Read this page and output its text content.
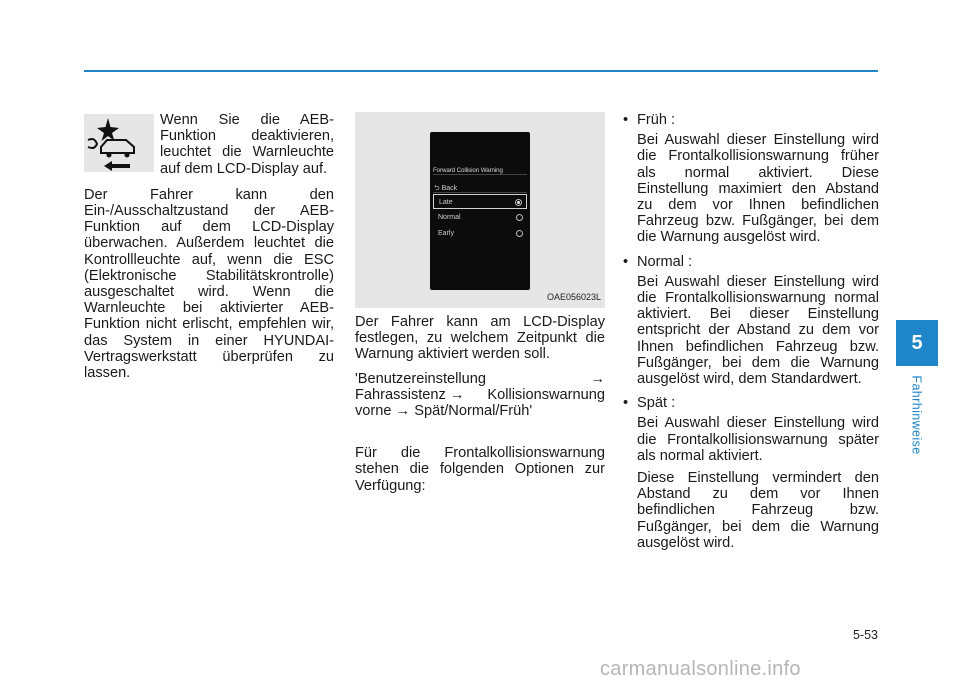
Wenn Sie die AEB-Funktion deaktivieren, leuchtet die Warnleuchte auf dem LCD-Display auf.

Der Fahrer kann den Ein-/Ausschaltzustand der AEB-Funktion auf dem LCD-Display überwachen. Außerdem leuchtet die Kontrollleuchte auf, wenn die ESC (Elektronische Stabilitätskrontrolle) ausgeschaltet wird. Wenn die Warnleuchte bei aktivierter AEB-Funktion nicht erlischt, empfehlen wir, das System in einer HYUNDAI-Vertragswerkstatt überprüfen zu lassen.

Forward Collision Warning
⮌ Back
Late
Normal
Early
OAE056023L

Der Fahrer kann am LCD-Display festlegen, zu welchem Zeitpunkt die Warnung aktiviert werden soll.

'Benutzereinstellung	→
Fahrassistenz → Kollisionswarnung
vorne → Spät/Normal/Früh'

Für die Frontalkollisionswarnung stehen die folgenden Optionen zur Verfügung:

• Früh :

Bei Auswahl dieser Einstellung wird die Frontalkollisionswarnung früher als normal aktiviert. Diese Einstellung maximiert den Abstand zu dem vor Ihnen befindlichen Fahrzeug bzw. Fußgänger, bei dem die Warnung ausgelöst wird.

• Normal :

Bei Auswahl dieser Einstellung wird die Frontalkollisionswarnung normal aktiviert. Bei dieser Einstellung entspricht der Abstand zu dem vor Ihnen befindlichen Fahrzeug bzw. Fußgänger, bei dem die Warnung ausgelöst wird, dem Standardwert.

• Spät :

Bei Auswahl dieser Einstellung wird die Frontalkollisionswarnung später als normal aktiviert.

Diese Einstellung vermindert den Abstand zu dem vor Ihnen befindlichen Fahrzeug bzw. Fußgänger, bei dem die Warnung ausgelöst wird.

5
Fahrhinweise
5-53
carmanualsonline.info
